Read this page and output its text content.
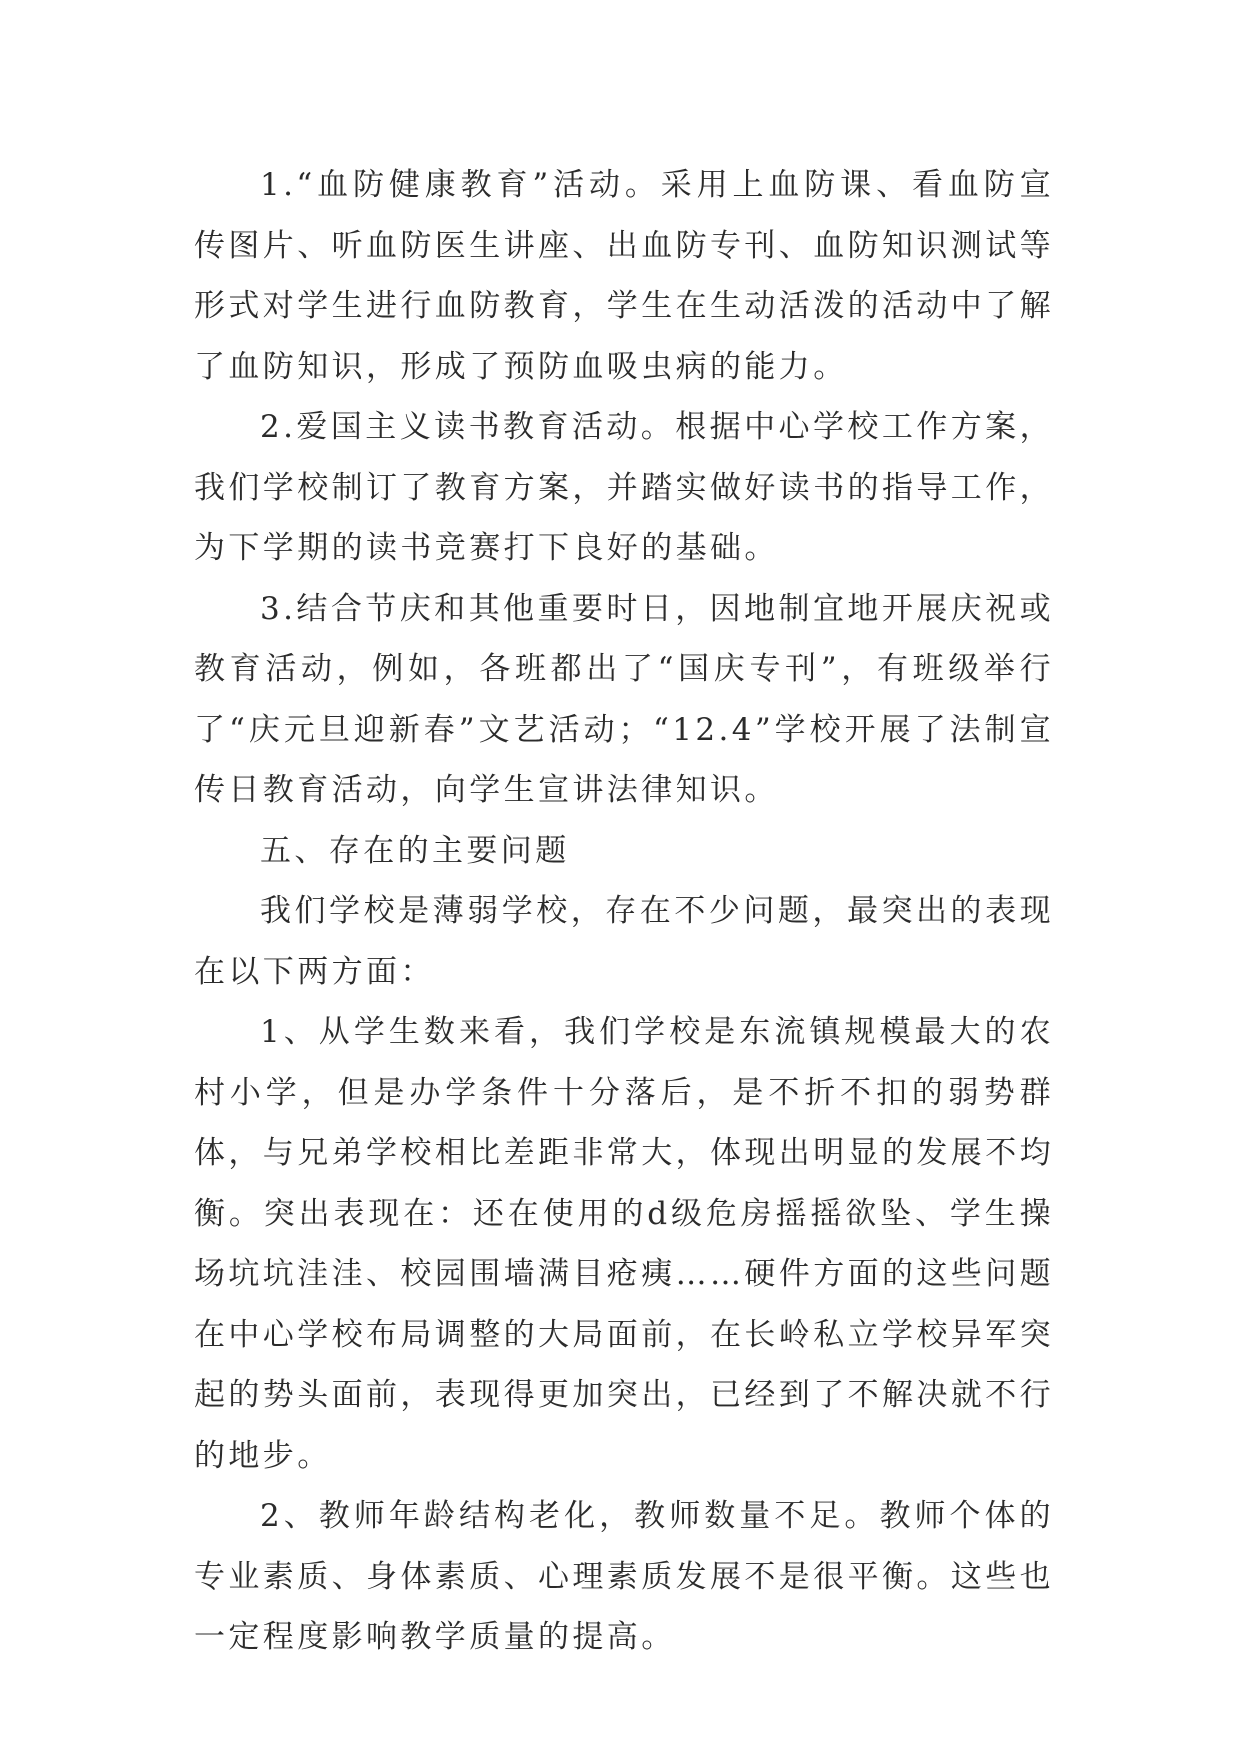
1.“血防健康教育”活动。采用上血防课、看血防宣传图片、听血防医生讲座、出血防专刊、血防知识测试等形式对学生进行血防教育，学生在生动活泼的活动中了解了血防知识，形成了预防血吸虫病的能力。

2.爱国主义读书教育活动。根据中心学校工作方案，我们学校制订了教育方案，并踏实做好读书的指导工作，为下学期的读书竞赛打下良好的基础。

3.结合节庆和其他重要时日，因地制宜地开展庆祝或教育活动，例如，各班都出了“国庆专刊”，有班级举行了“庆元旦迎新春”文艺活动；“12.4”学校开展了法制宣传日教育活动，向学生宣讲法律知识。

五、存在的主要问题

我们学校是薄弱学校，存在不少问题，最突出的表现在以下两方面：

1、从学生数来看，我们学校是东流镇规模最大的农村小学，但是办学条件十分落后，是不折不扣的弱势群体，与兄弟学校相比差距非常大，体现出明显的发展不均衡。突出表现在：还在使用的d级危房摇摇欲坠、学生操场坑坑洼洼、校园围墙满目疮痍……硬件方面的这些问题在中心学校布局调整的大局面前，在长岭私立学校异军突起的势头面前，表现得更加突出，已经到了不解决就不行的地步。

2、教师年龄结构老化，教师数量不足。教师个体的专业素质、身体素质、心理素质发展不是很平衡。这些也一定程度影响教学质量的提高。
